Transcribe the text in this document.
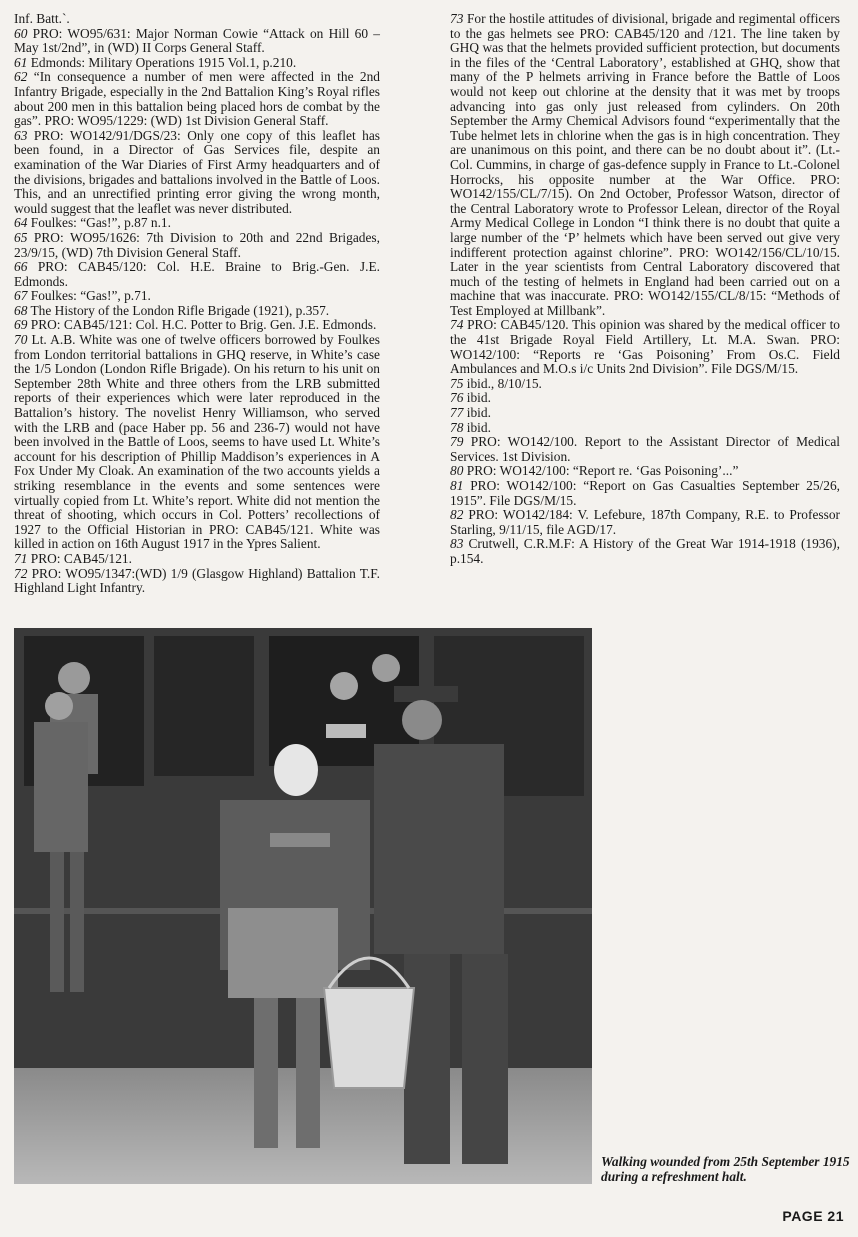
Inf. Batt.`.
60 PRO: WO95/631: Major Norman Cowie “Attack on Hill 60 – May 1st/2nd”, in (WD) II Corps General Staff.
61 Edmonds: Military Operations 1915 Vol.1, p.210.
62 “In consequence a number of men were affected in the 2nd Infantry Brigade, especially in the 2nd Battalion King’s Royal rifles about 200 men in this battalion being placed hors de combat by the gas”. PRO: WO95/1229: (WD) 1st Division General Staff.
63 PRO: WO142/91/DGS/23: Only one copy of this leaflet has been found, in a Director of Gas Services file, despite an examination of the War Diaries of First Army headquarters and of the divisions, brigades and battalions involved in the Battle of Loos. This, and an unrectified printing error giving the wrong month, would suggest that the leaflet was never distributed.
64 Foulkes: “Gas!”, p.87 n.1.
65 PRO: WO95/1626: 7th Division to 20th and 22nd Brigades, 23/9/15, (WD) 7th Division General Staff.
66 PRO: CAB45/120: Col. H.E. Braine to Brig.-Gen. J.E. Edmonds.
67 Foulkes: “Gas!”, p.71.
68 The History of the London Rifle Brigade (1921), p.357.
69 PRO: CAB45/121: Col. H.C. Potter to Brig. Gen. J.E. Edmonds.
70 Lt. A.B. White was one of twelve officers borrowed by Foulkes from London territorial battalions in GHQ reserve, in White’s case the 1/5 London (London Rifle Brigade). On his return to his unit on September 28th White and three others from the LRB submitted reports of their experiences which were later reproduced in the Battalion’s history. The novelist Henry Williamson, who served with the LRB and (pace Haber pp. 56 and 236-7) would not have been involved in the Battle of Loos, seems to have used Lt. White’s account for his description of Phillip Maddison’s experiences in A Fox Under My Cloak. An examination of the two accounts yields a striking resemblance in the events and some sentences were virtually copied from Lt. White’s report. White did not mention the threat of shooting, which occurs in Col. Potters’ recollections of 1927 to the Official Historian in PRO: CAB45/121. White was killed in action on 16th August 1917 in the Ypres Salient.
71 PRO: CAB45/121.
72 PRO: WO95/1347:(WD) 1/9 (Glasgow Highland) Battalion T.F. Highland Light Infantry.
73 For the hostile attitudes of divisional, brigade and regimental officers to the gas helmets see PRO: CAB45/120 and /121. The line taken by GHQ was that the helmets provided sufficient protection, but documents in the files of the ‘Central Laboratory’, established at GHQ, show that many of the P helmets arriving in France before the Battle of Loos would not keep out chlorine at the density that it was met by troops advancing into gas only just released from cylinders. On 20th September the Army Chemical Advisors found “experimentally that the Tube helmet lets in chlorine when the gas is in high concentration. They are unanimous on this point, and there can be no doubt about it”. (Lt.-Col. Cummins, in charge of gas-defence supply in France to Lt.-Colonel Horrocks, his opposite number at the War Office. PRO: WO142/155/CL/7/15). On 2nd October, Professor Watson, director of the Central Laboratory wrote to Professor Lelean, director of the Royal Army Medical College in London “I think there is no doubt that quite a large number of the ‘P’ helmets which have been served out give very indifferent protection against chlorine”. PRO: WO142/156/CL/10/15. Later in the year scientists from Central Laboratory discovered that much of the testing of helmets in England had been carried out on a machine that was inaccurate. PRO: WO142/155/CL/8/15: “Methods of Test Employed at Millbank”.
74 PRO: CAB45/120. This opinion was shared by the medical officer to the 41st Brigade Royal Field Artillery, Lt. M.A. Swan. PRO: WO142/100: “Reports re ‘Gas Poisoning’ From Os.C. Field Ambulances and M.O.s i/c Units 2nd Division”. File DGS/M/15.
75 ibid., 8/10/15.
76 ibid.
77 ibid.
78 ibid.
79 PRO: WO142/100. Report to the Assistant Director of Medical Services. 1st Division.
80 PRO: WO142/100: “Report re. ‘Gas Poisoning’...”
81 PRO: WO142/100: “Report on Gas Casualties September 25/26, 1915”. File DGS/M/15.
82 PRO: WO142/184: V. Lefebure, 187th Company, R.E. to Professor Starling, 9/11/15, file AGD/17.
83 Crutwell, C.R.M.F: A History of the Great War 1914-1918 (1936), p.154.
Walking wounded from 25th September 1915 during a refreshment halt.
PAGE 21
